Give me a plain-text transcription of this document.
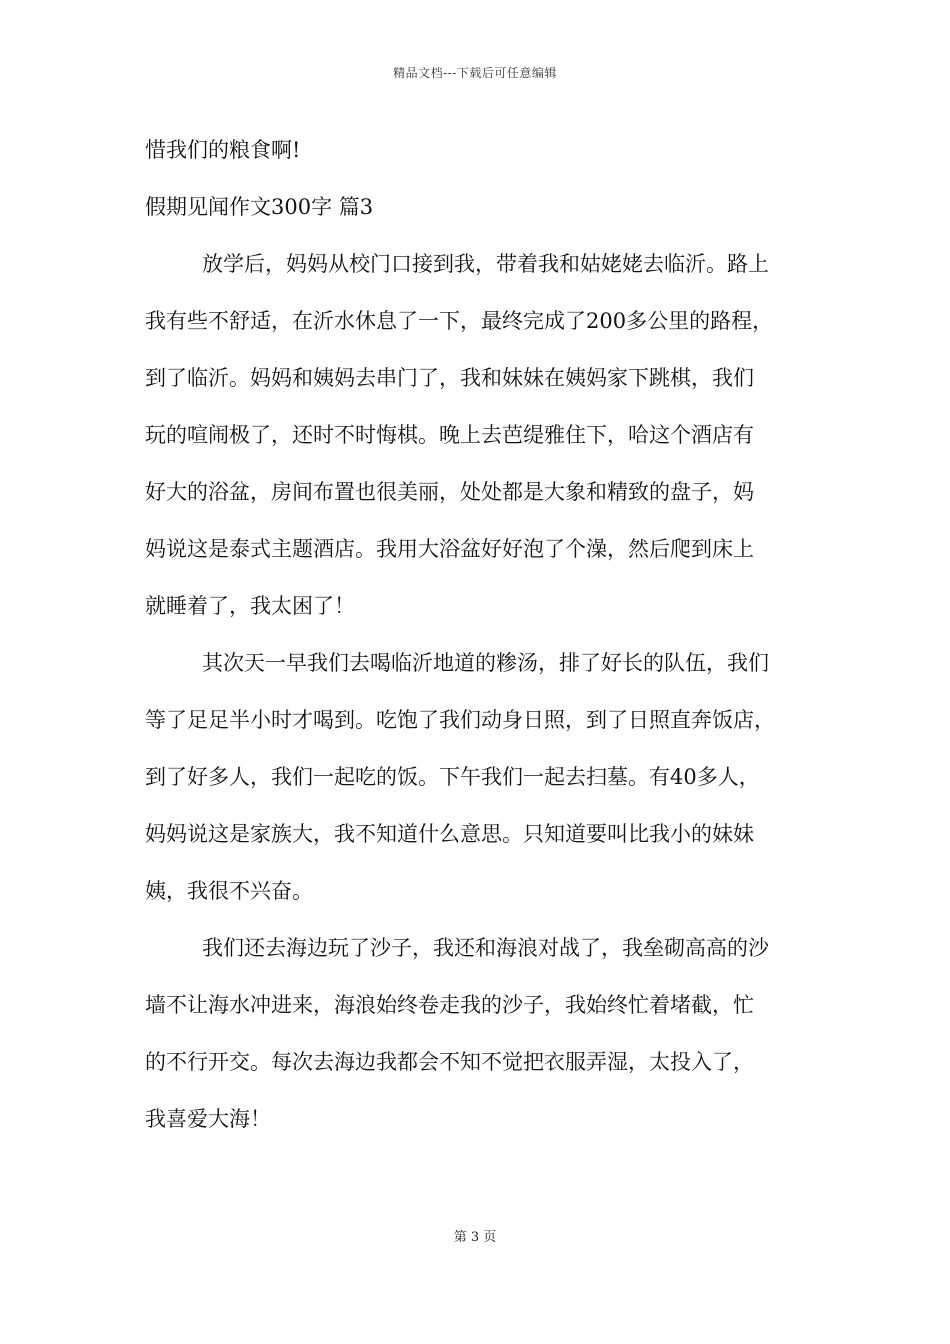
精品文档---下载后可任意编辑
惜我们的粮食啊!
假期见闻作文300字 篇3
放学后，妈妈从校门口接到我，带着我和姑姥姥去临沂。路上
我有些不舒适，在沂水休息了一下，最终完成了200多公里的路程，
到了临沂。妈妈和姨妈去串门了，我和妹妹在姨妈家下跳棋，我们
玩的喧闹极了，还时不时悔棋。晚上去芭缇雅住下，哈这个酒店有
好大的浴盆，房间布置也很美丽，处处都是大象和精致的盘子，妈
妈说这是泰式主题酒店。我用大浴盆好好泡了个澡，然后爬到床上
就睡着了，我太困了！
其次天一早我们去喝临沂地道的糁汤，排了好长的队伍，我们
等了足足半小时才喝到。吃饱了我们动身日照，到了日照直奔饭店，
到了好多人，我们一起吃的饭。下午我们一起去扫墓。有40多人，
妈妈说这是家族大，我不知道什么意思。只知道要叫比我小的妹妹
姨，我很不兴奋。
我们还去海边玩了沙子，我还和海浪对战了，我垒砌高高的沙
墙不让海水冲进来，海浪始终卷走我的沙子，我始终忙着堵截，忙
的不行开交。每次去海边我都会不知不觉把衣服弄湿，太投入了，
我喜爱大海！
第 3 页
